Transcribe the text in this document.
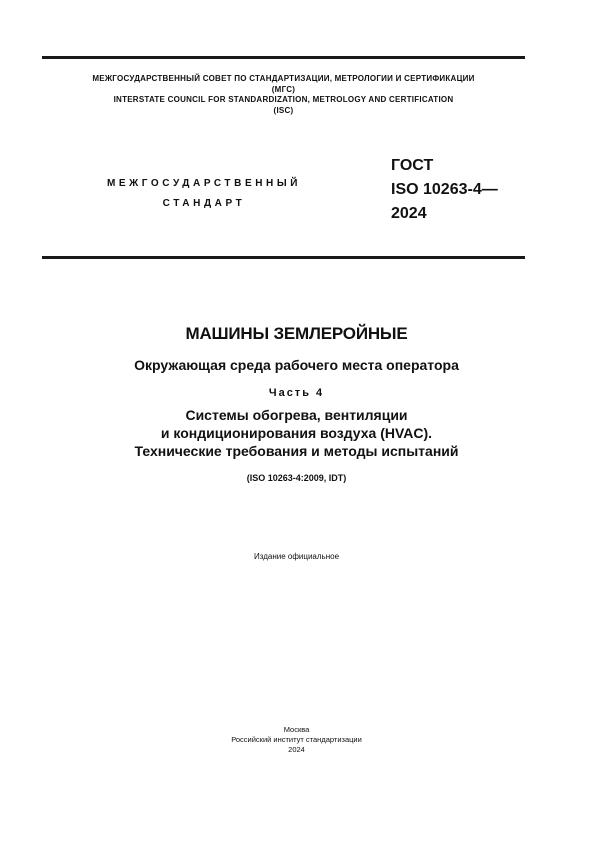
МЕЖГОСУДАРСТВЕННЫЙ СОВЕТ ПО СТАНДАРТИЗАЦИИ, МЕТРОЛОГИИ И СЕРТИФИКАЦИИ
(МГС)
INTERSTATE COUNCIL FOR STANDARDIZATION, METROLOGY AND CERTIFICATION
(ISC)
МЕЖГОСУДАРСТВЕННЫЙ
СТАНДАРТ
ГОСТ
ISO 10263-4—
2024
МАШИНЫ ЗЕМЛЕРОЙНЫЕ
Окружающая среда рабочего места оператора
Часть 4
Системы обогрева, вентиляции
и кондиционирования воздуха (HVAC).
Технические требования и методы испытаний
(ISO 10263-4:2009, IDT)
Издание официальное
Москва
Российский институт стандартизации
2024
